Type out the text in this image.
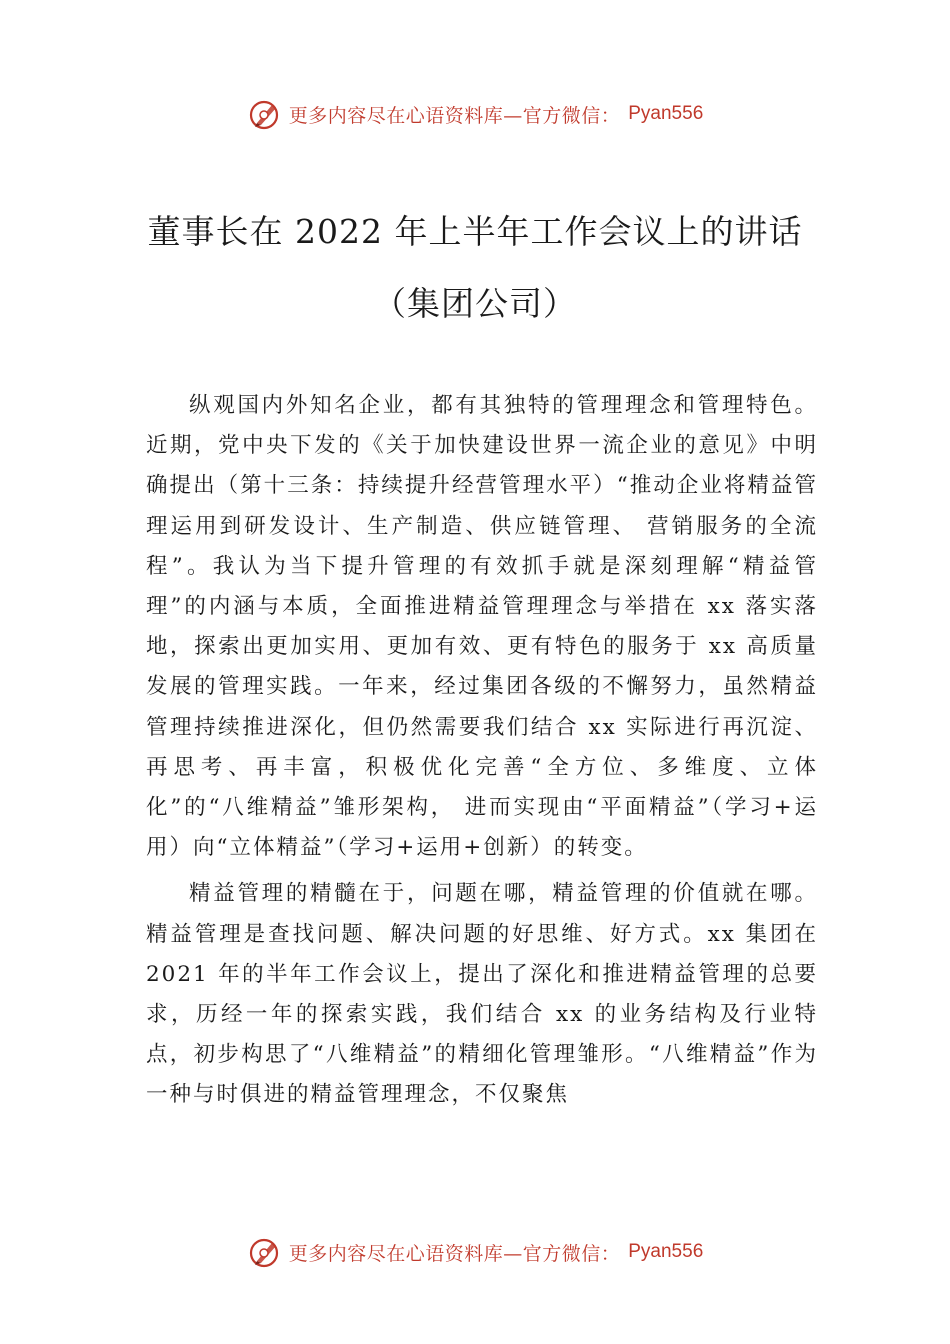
更多内容尽在心语资料库—官方微信： Pyan556
董事长在 2022 年上半年工作会议上的讲话
（集团公司）

纵观国内外知名企业，都有其独特的管理理念和管理特色。近期，党中央下发的《关于加快建设世界一流企业的意见》中明确提出（第十三条：持续提升经营管理水平）“推动企业将精益管理运用到研发设计、生产制造、供应链管理、 营销服务的全流程”。我认为当下提升管理的有效抓手就是深刻理解“精益管理”的内涵与本质，全面推进精益管理理念与举措在 xx 落实落地，探索出更加实用、更加有效、更有特色的服务于 xx 高质量发展的管理实践。一年来，经过集团各级的不懈努力，虽然精益管理持续推进深化，但仍然需要我们结合 xx 实际进行再沉淀、再思考、再丰富，积极优化完善“全方位、多维度、立体化”的“八维精益”雏形架构， 进而实现由“平面精益”（学习+运用）向“立体精益”（学习+运用+创新）的转变。

精益管理的精髓在于，问题在哪，精益管理的价值就在哪。精益管理是查找问题、解决问题的好思维、好方式。xx 集团在 2021 年的半年工作会议上，提出了深化和推进精益管理的总要求，历经一年的探索实践，我们结合 xx 的业务结构及行业特点，初步构思了“八维精益”的精细化管理雏形。“八维精益”作为一种与时俱进的精益管理理念，不仅聚焦

更多内容尽在心语资料库—官方微信： Pyan556
